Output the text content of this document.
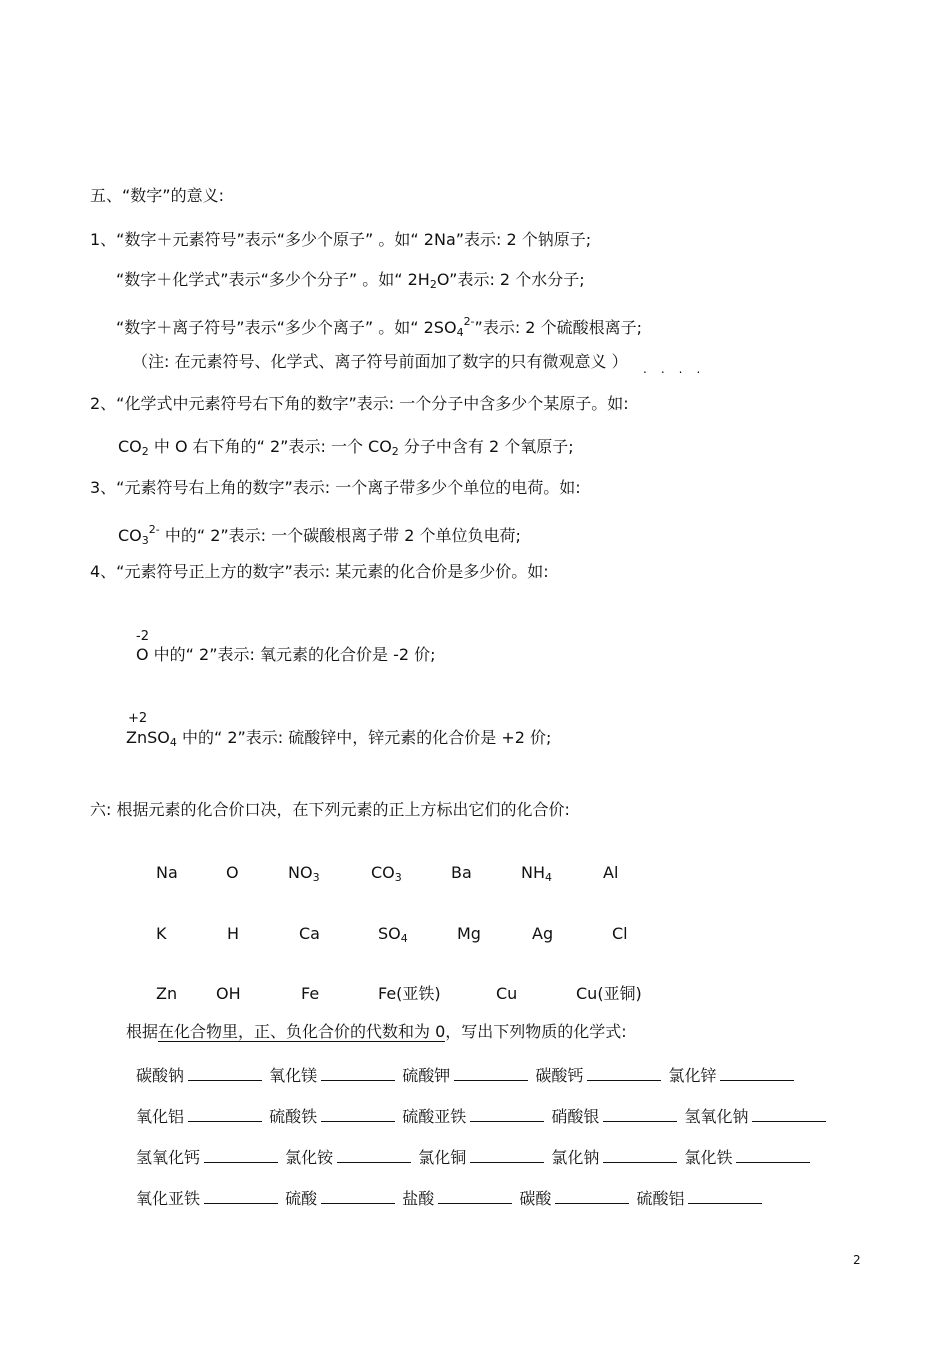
五、“数字”的意义:
1、“数字＋元素符号”表示“多少个原子” 。如“ 2Na”表示: 2 个钠原子;
“数字＋化学式”表示“多少个分子” 。如“ $2H_2O$”表示: 2 个水分子;
“数字＋离子符号”表示“多少个离子” 。如“ $2SO_4^{2-}$”表示: 2 个硫酸根离子;
（注: 在元素符号、化学式、离子符号前面加了数字的只有微观意义 ） ....
2、“化学式中元素符号右下角的数字”表示: 一个分子中含多少个某原子。如:
$CO_2$ 中 O 右下角的“ 2”表示: 一个 $CO_2$ 分子中含有 2 个氧原子;
3、“元素符号右上角的数字”表示: 一个离子带多少个单位的电荷。如:
$CO_3^{2-}$ 中的“ 2”表示: 一个碳酸根离子带 2 个单位负电荷;
4、“元素符号正上方的数字”表示: 某元素的化合价是多少价。如:
-2
O 中的“ 2”表示: 氧元素的化合价是 -2 价;
+2
ZnSO$_4$ 中的“ 2”表示: 硫酸锌中，锌元素的化合价是 +2 价;
六: 根据元素的化合价口决，在下列元素的正上方标出它们的化合价:
Na	O	$NO_3$	$CO_3$	Ba	$NH_4$	Al
K	H	Ca	$SO_4$	Mg	Ag	Cl
Zn OH	Fe	Fe(亚铁)	Cu	Cu(亚铜)
根据在化合物里，正、负化合价的代数和为 0，写出下列物质的化学式:
碳酸钠	氧化镁	硫酸钾	碳酸钙	氯化锌
氧化铝	硫酸铁	硫酸亚铁	硝酸银	氢氧化钠
氢氧化钙	氯化铵	氯化铜	氯化钠	氯化铁
氧化亚铁	硫酸	盐酸	碳酸	硫酸铝
2
